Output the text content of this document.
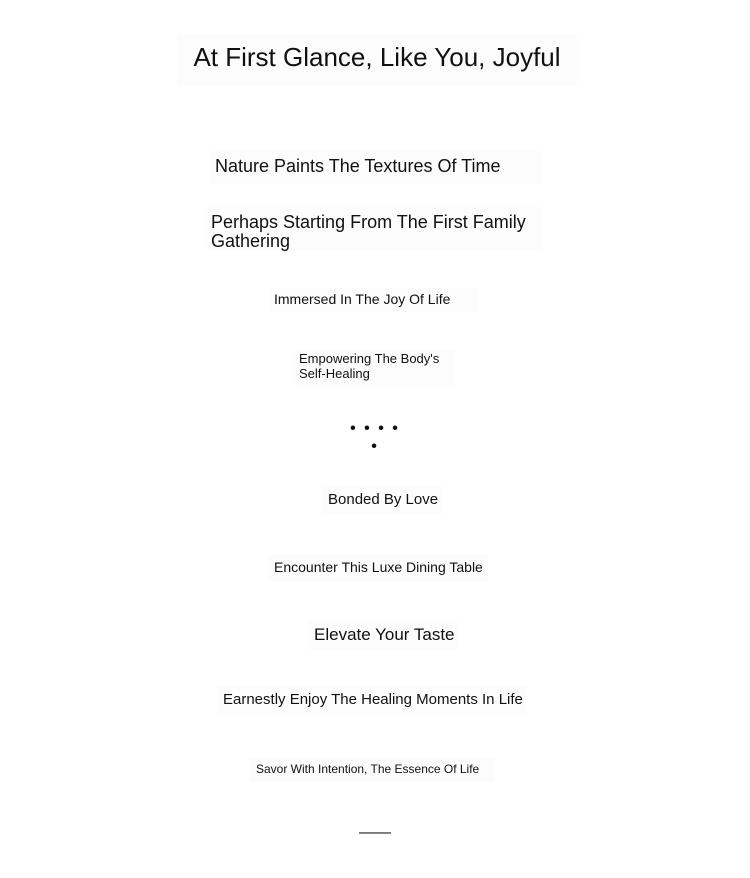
At First Glance, Like You, Joyful

Nature Paints The Textures Of Time

Perhaps Starting From The First Family Gathering

Immersed In The Joy Of Life

Empowering The Body's Self-Healing

• • • • •

Bonded By Love

Encounter This Luxe Dining Table

Elevate Your Taste

Earnestly Enjoy The Healing Moments In Life

Savor With Intention, The Essence Of Life

——
